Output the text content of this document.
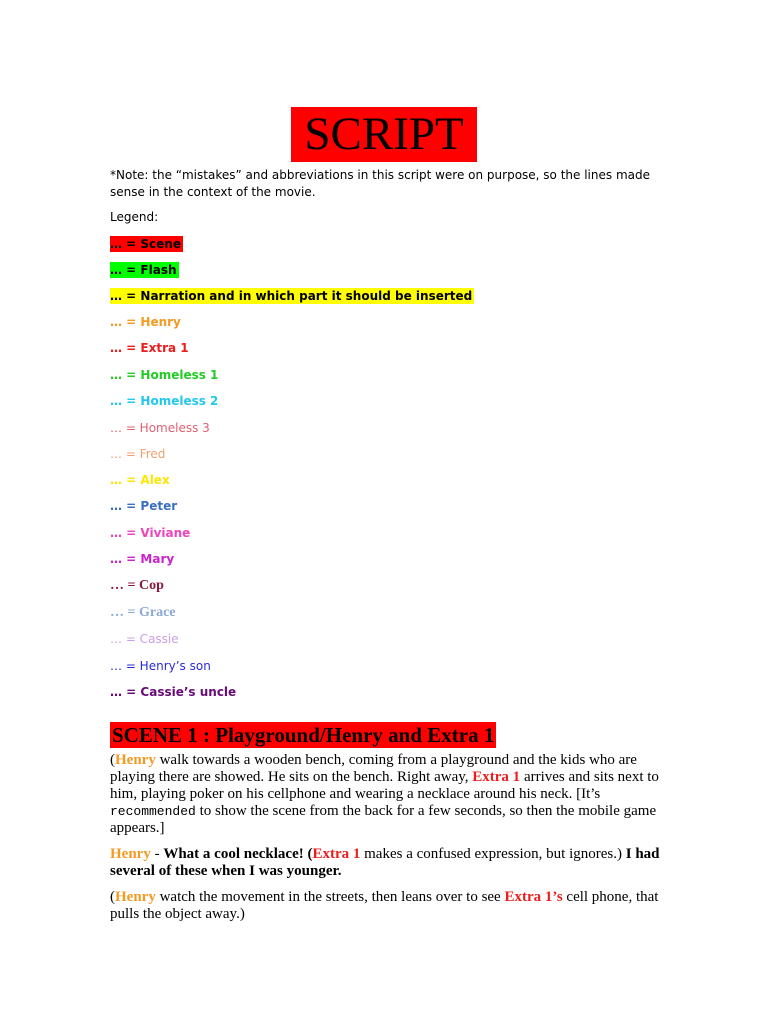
SCRIPT
*Note: the “mistakes” and abbreviations in this script were on purpose, so the lines made sense in the context of the movie.
Legend:
… = Scene
… = Flash
… = Narration and in which part it should be inserted
… = Henry
… = Extra 1
… = Homeless 1
… = Homeless 2
… = Homeless 3
… = Fred
… = Alex
… = Peter
… = Viviane
… = Mary
… = Cop
… = Grace
… = Cassie
… = Henry’s son
… = Cassie’s uncle
SCENE 1 : Playground/Henry and Extra 1
(Henry walk towards a wooden bench, coming from a playground and the kids who are playing there are showed. He sits on the bench. Right away, Extra 1 arrives and sits next to him, playing poker on his cellphone and wearing a necklace around his neck. [It’s recommended to show the scene from the back for a few seconds, so then the mobile game appears.]
Henry - What a cool necklace! (Extra 1 makes a confused expression, but ignores.) I had several of these when I was younger.
(Henry watch the movement in the streets, then leans over to see Extra 1’s cell phone, that pulls the object away.)
